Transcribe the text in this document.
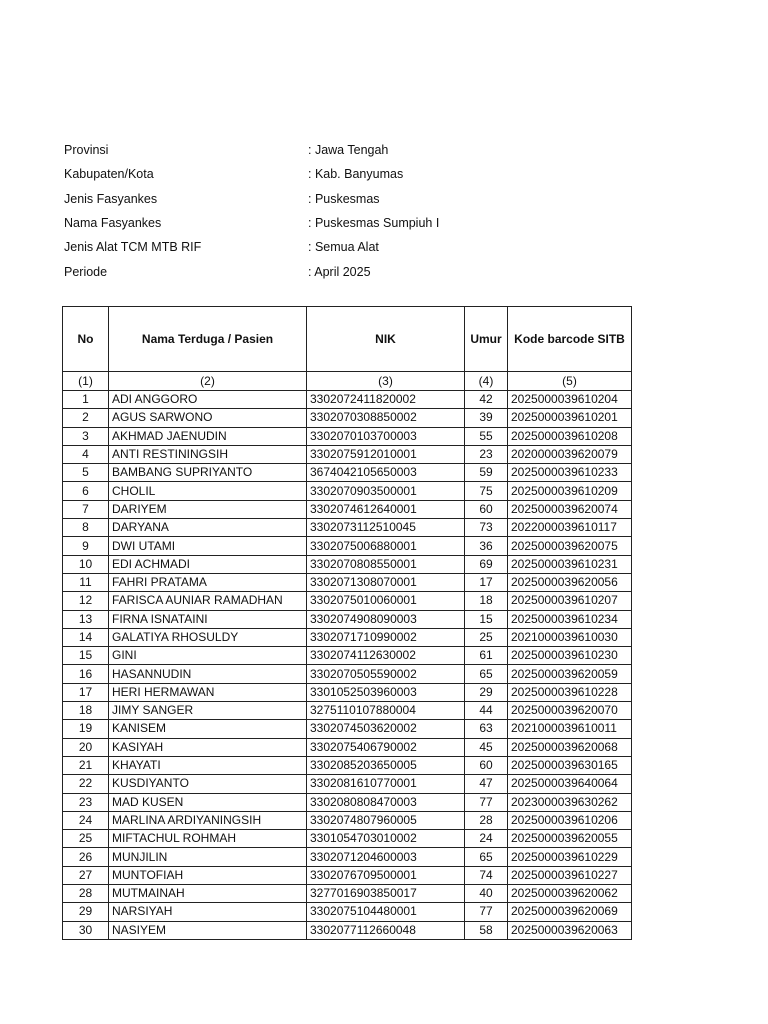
Provinsi	: Jawa Tengah
Kabupaten/Kota	: Kab. Banyumas
Jenis Fasyankes	: Puskesmas
Nama Fasyankes	: Puskesmas Sumpiuh I
Jenis Alat TCM MTB RIF	: Semua Alat
Periode	: April 2025
No	Nama Terduga / Pasien	NIK	Umur	Kode barcode SITB
(1)	(2)	(3)	(4)	(5)
1	ADI ANGGORO	3302072411820002	42	2025000039610204
2	AGUS SARWONO	3302070308850002	39	2025000039610201
3	AKHMAD JAENUDIN	3302070103700003	55	2025000039610208
4	ANTI RESTININGSIH	3302075912010001	23	2020000039620079
5	BAMBANG SUPRIYANTO	3674042105650003	59	2025000039610233
6	CHOLIL	3302070903500001	75	2025000039610209
7	DARIYEM	3302074612640001	60	2025000039620074
8	DARYANA	3302073112510045	73	2022000039610117
9	DWI UTAMI	3302075006880001	36	2025000039620075
10	EDI ACHMADI	3302070808550001	69	2025000039610231
11	FAHRI PRATAMA	3302071308070001	17	2025000039620056
12	FARISCA AUNIAR RAMADHAN	3302075010060001	18	2025000039610207
13	FIRNA ISNATAINI	3302074908090003	15	2025000039610234
14	GALATIYA RHOSULDY	3302071710990002	25	2021000039610030
15	GINI	3302074112630002	61	2025000039610230
16	HASANNUDIN	3302070505590002	65	2025000039620059
17	HERI HERMAWAN	3301052503960003	29	2025000039610228
18	JIMY SANGER	3275110107880004	44	2025000039620070
19	KANISEM	3302074503620002	63	2021000039610011
20	KASIYAH	3302075406790002	45	2025000039620068
21	KHAYATI	3302085203650005	60	2025000039630165
22	KUSDIYANTO	3302081610770001	47	2025000039640064
23	MAD KUSEN	3302080808470003	77	2023000039630262
24	MARLINA ARDIYANINGSIH	3302074807960005	28	2025000039610206
25	MIFTACHUL ROHMAH	3301054703010002	24	2025000039620055
26	MUNJILIN	3302071204600003	65	2025000039610229
27	MUNTOFIAH	3302076709500001	74	2025000039610227
28	MUTMAINAH	3277016903850017	40	2025000039620062
29	NARSIYAH	3302075104480001	77	2025000039620069
30	NASIYEM	3302077112660048	58	2025000039620063
